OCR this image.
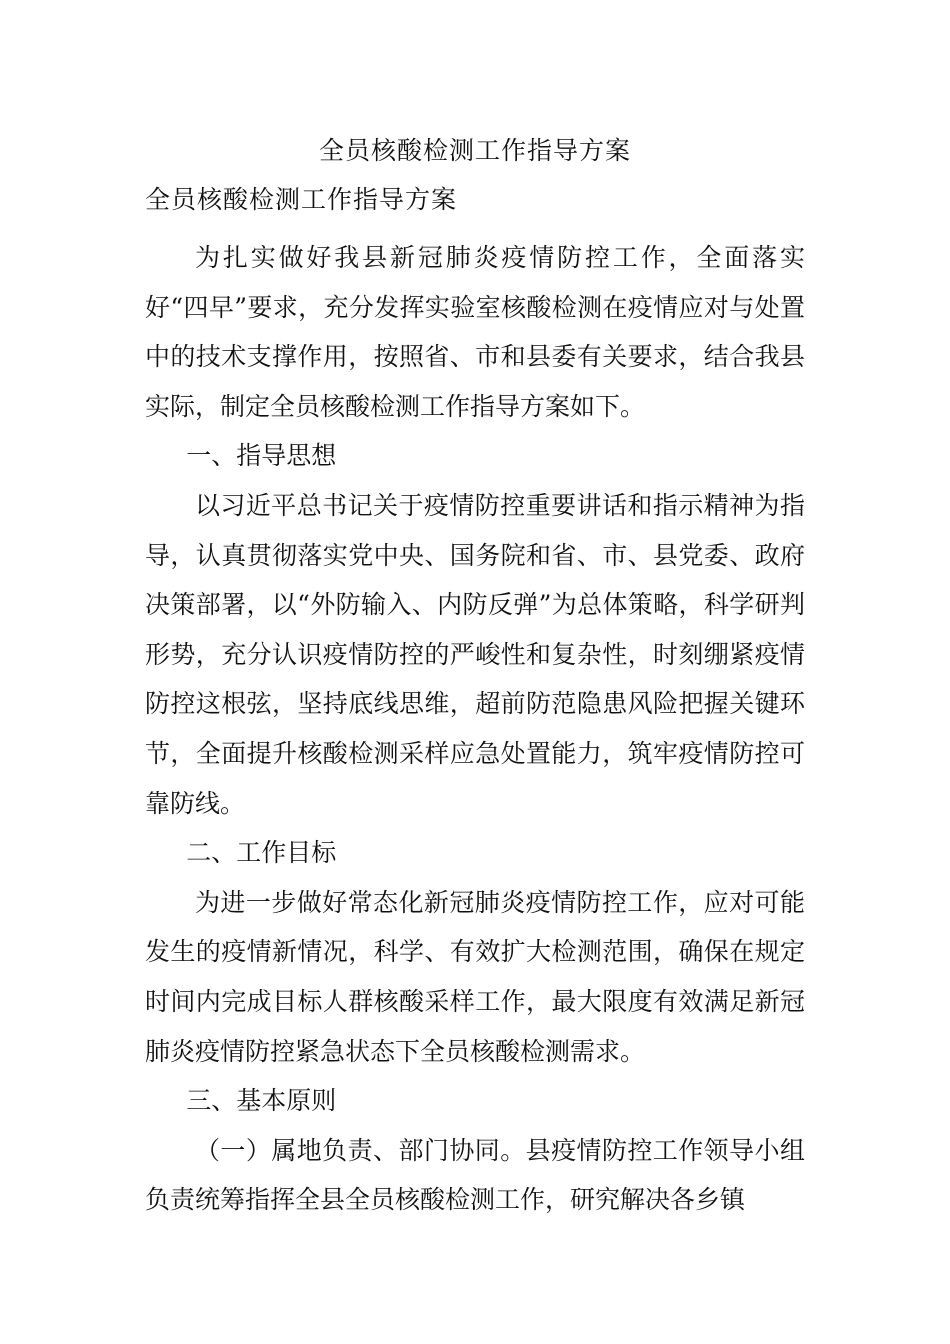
全员核酸检测工作指导方案
全员核酸检测工作指导方案

为扎实做好我县新冠肺炎疫情防控工作，全面落实好“四早”要求，充分发挥实验室核酸检测在疫情应对与处置中的技术支撑作用，按照省、市和县委有关要求，结合我县实际，制定全员核酸检测工作指导方案如下。

一、指导思想

以习近平总书记关于疫情防控重要讲话和指示精神为指导，认真贯彻落实党中央、国务院和省、市、县党委、政府决策部署，以“外防输入、内防反弹”为总体策略，科学研判形势，充分认识疫情防控的严峻性和复杂性，时刻绷紧疫情防控这根弦，坚持底线思维，超前防范隐患风险把握关键环节，全面提升核酸检测采样应急处置能力，筑牢疫情防控可靠防线。

二、工作目标

为进一步做好常态化新冠肺炎疫情防控工作，应对可能发生的疫情新情况，科学、有效扩大检测范围，确保在规定时间内完成目标人群核酸采样工作，最大限度有效满足新冠肺炎疫情防控紧急状态下全员核酸检测需求。

三、基本原则

（一）属地负责、部门协同。县疫情防控工作领导小组负责统筹指挥全县全员核酸检测工作，研究解决各乡镇
